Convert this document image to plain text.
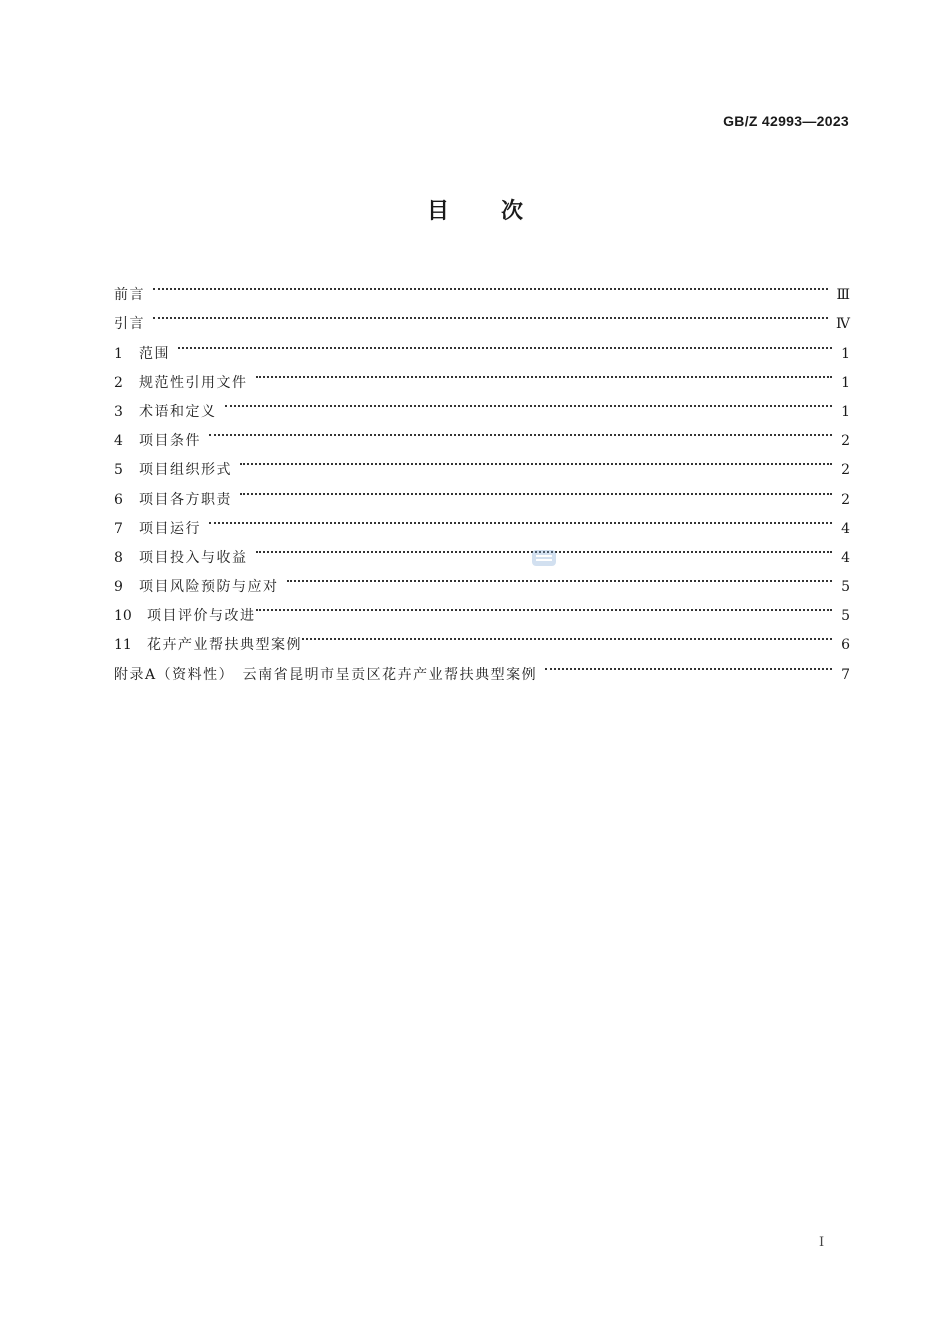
GB/Z 42993—2023
目次
前言	Ⅲ
引言	Ⅳ
1	范围	1
2	规范性引用文件	1
3	术语和定义	1
4	项目条件	2
5	项目组织形式	2
6	项目各方职责	2
7	项目运行	4
8	项目投入与收益	4
9	项目风险预防与应对	5
10	项目评价与改进	5
11	花卉产业帮扶典型案例	6
附录A（资料性）　云南省昆明市呈贡区花卉产业帮扶典型案例	7
I
